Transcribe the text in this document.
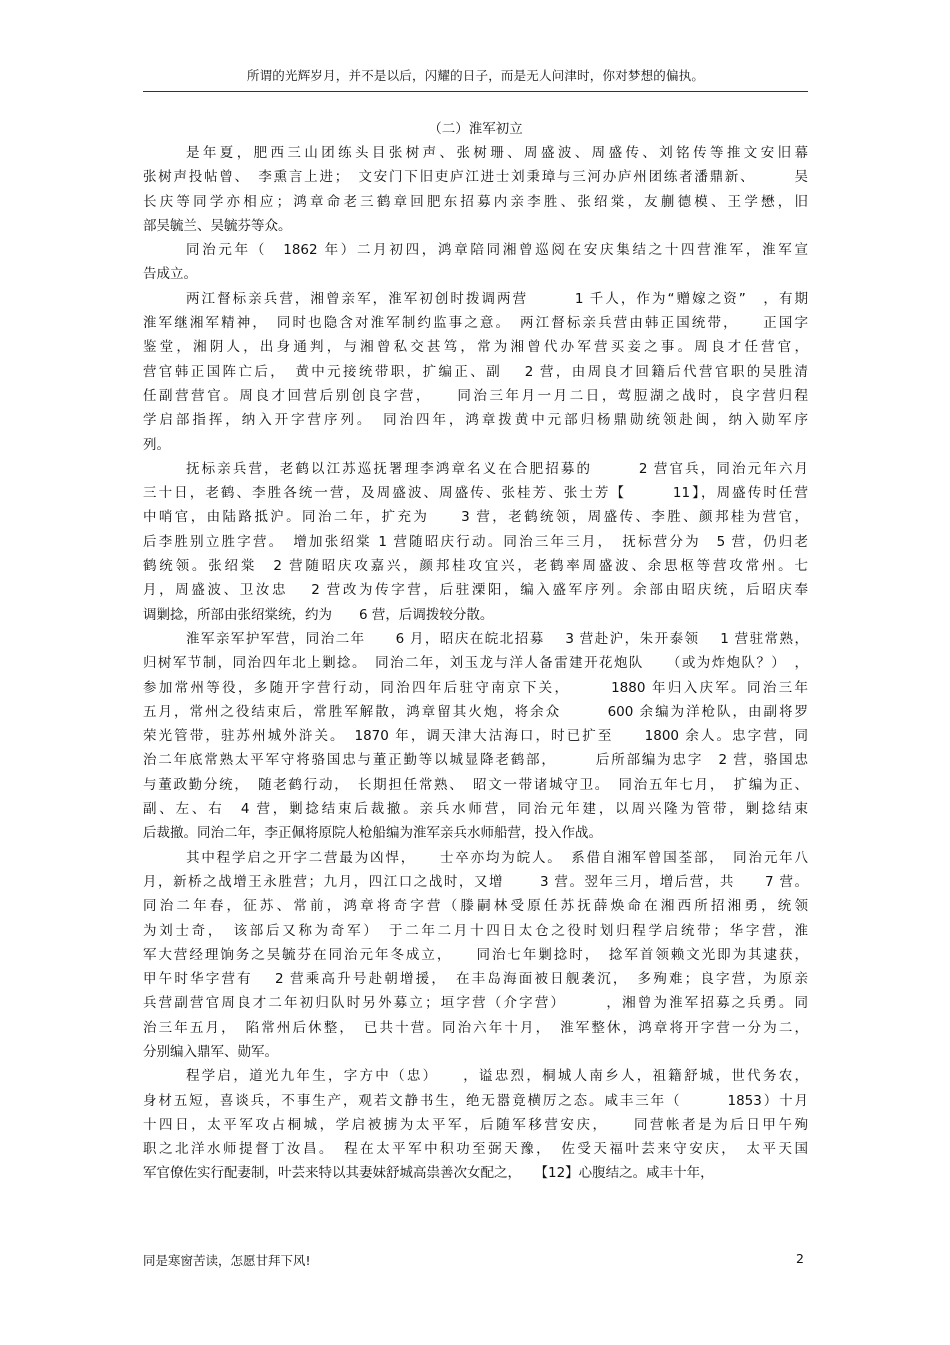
所谓的光辉岁月，并不是以后，闪耀的日子，而是无人问津时，你对梦想的偏执。
（二）淮军初立
是年夏，肥西三山团练头目张树声、张树珊、周盛波、周盛传、刘铭传等推文安旧幕
张树声投帖曾、　李熏言上进；　文安门下旧吏庐江进士刘秉璋与三河办庐州团练者潘鼎新、　　　吴
长庆等同学亦相应；鸿章命老三鹤章回肥东招募内亲李胜、张绍棠，友蒯德模、王学懋，旧
部吴毓兰、吴毓芬等众。
同治元年（　1862 年）二月初四，鸿章陪同湘曾巡阅在安庆集结之十四营淮军，淮军宣
告成立。
两江督标亲兵营，湘曾亲军，淮军初创时拨调两营　　　1 千人，作为“赠嫁之资”　，有期
淮军继湘军精神，　同时也隐含对淮军制约监事之意。　两江督标亲兵营由韩正国统带，　　正国字
鉴堂，湘阴人，出身通判，与湘曾私交甚笃，常为湘曾代办军营买妾之事。周良才任营官，
营官韩正国阵亡后，　黄中元接统带职，扩编正、副　 2 营，由周良才回籍后代营官职的吴胜清
任副营营官。周良才回营后别创良字营，　　同治三年月一月二日，莺脰湖之战时，良字营归程
学启部指挥，纳入开字营序列。　同治四年，鸿章拨黄中元部归杨鼎勋统领赴闽，纳入勋军序
列。
抚标亲兵营，老鹤以江苏巡抚署理李鸿章名义在合肥招募的　　　2 营官兵，同治元年六月
三十日，老鹤、李胜各统一营，及周盛波、周盛传、张桂芳、张士芳【　　　11】，周盛传时任营
中哨官，由陆路抵沪。同治二年，扩充为　　3 营，老鹤统领，周盛传、李胜、颜邦桂为营官，
后李胜别立胜字营。　增加张绍棠 1 营随昭庆行动。同治三年三月，　抚标营分为　5 营，仍归老
鹤统领。张绍棠　2 营随昭庆攻嘉兴，颜邦桂攻宜兴，老鹤率周盛波、余思枢等营攻常州。七
月，周盛波、卫汝忠　 2 营改为传字营，后驻溧阳，编入盛军序列。余部由昭庆统，后昭庆奉
调剿捻，所部由张绍棠统，约为　　6 营，后调拨较分散。
淮军亲军护军营，同治二年　　6 月，昭庆在皖北招募　 3 营赴沪，朱开泰领　 1 营驻常熟，
归树军节制，同治四年北上剿捻。　同治二年，刘玉龙与洋人备雷建开花炮队　　（或为炸炮队？）　，
参加常州等役，多随开字营行动，同治四年后驻守南京下关，　　　1880 年归入庆军。同治三年
五月，常州之役结束后，常胜军解散，鸿章留其火炮，将余众　　　600 余编为洋枪队，由副将罗
荣光管带，驻苏州城外浒关。　1870 年，调天津大沽海口，时已扩至　　1800 余人。忠字营，同
治二年底常熟太平军守将骆国忠与董正勤等以城显降老鹤部，　　　后所部编为忠字　2 营，骆国忠
与董政勤分统，　随老鹤行动，　长期担任常熟、　昭文一带诸城守卫。　同治五年七月，　扩编为正、
副、左、右　4 营，剿捻结束后裁撤。亲兵水师营，同治元年建，以周兴隆为管带，剿捻结束
后裁撤。同治二年，李正佩将原院人枪船编为淮军亲兵水师船营，投入作战。
其中程学启之开字二营最为凶悍，　　士卒亦均为皖人。　系借自湘军曾国荃部，　同治元年八
月，新桥之战增王永胜营；九月，四江口之战时，又增　　 3 营。翌年三月，增后营，共　　7 营。
同治二年春，征苏、常前，鸿章将奇字营（滕嗣林受原任苏抚薛焕命在湘西所招湘勇，统领
为刘士奇，　该部后又称为奇军）　于二年二月十四日太仓之役时划归程学启统带；华字营，淮
军大营经理饷务之吴毓芬在同治元年冬成立，　　同治七年剿捻时，　捻军首领赖文光即为其逮获，
甲午时华字营有　 2 营乘高升号赴朝增援，　在丰岛海面被日舰袭沉，　多殉难；良字营，为原亲
兵营副营官周良才二年初归队时另外募立；垣字营（介字营）　　　，湘曾为淮军招募之兵勇。同
治三年五月，　陷常州后休整，　已共十营。同治六年十月，　淮军整休，鸿章将开字营一分为二，
分别编入鼎军、勋军。
程学启，道光九年生，字方中（忠）　　，谥忠烈，桐城人南乡人，祖籍舒城，世代务农，
身材五短，喜谈兵，不事生产，观若文静书生，绝无嚣竟横厉之态。咸丰三年（　　　1853）十月
十四日，太平军攻占桐城，学启被掳为太平军，后随军移营安庆，　　同营帐者是为后日甲午殉
职之北洋水师提督丁汝昌。　程在太平军中积功至弼天豫，　佐受天福叶芸来守安庆，　太平天国
军官僚佐实行配妻制，叶芸来特以其妻妹舒城高祟善次女配之，　　【12】心腹结之。咸丰十年，
同是寒窗苦读，怎愿甘拜下风!	2
